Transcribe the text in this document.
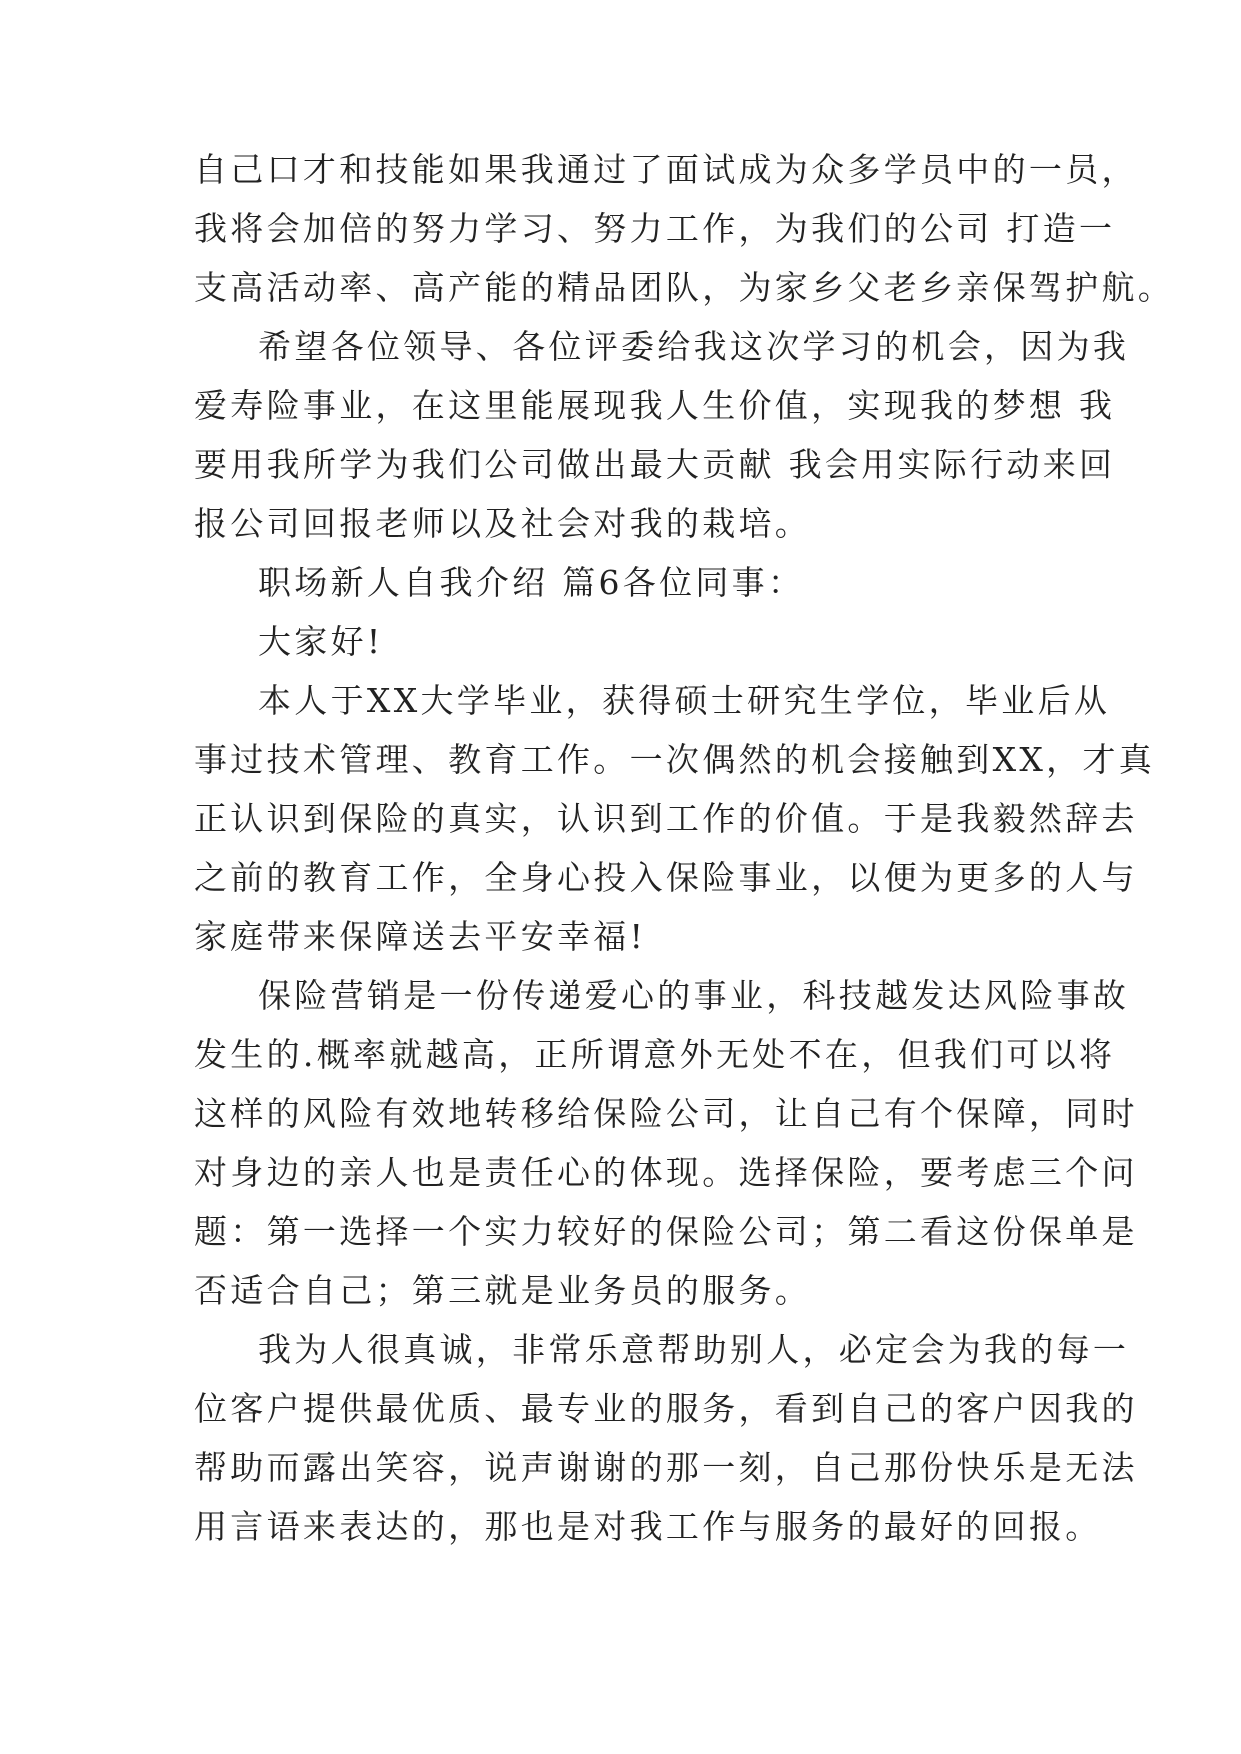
自己口才和技能如果我通过了面试成为众多学员中的一员，
我将会加倍的努力学习、努力工作，为我们的公司 打造一
支高活动率、高产能的精品团队，为家乡父老乡亲保驾护航。
希望各位领导、各位评委给我这次学习的机会，因为我
爱寿险事业，在这里能展现我人生价值，实现我的梦想 我
要用我所学为我们公司做出最大贡献 我会用实际行动来回
报公司回报老师以及社会对我的栽培。
职场新人自我介绍 篇6各位同事：
大家好!
本人于XX大学毕业，获得硕士研究生学位，毕业后从
事过技术管理、教育工作。一次偶然的机会接触到XX，才真
正认识到保险的真实，认识到工作的价值。于是我毅然辞去
之前的教育工作，全身心投入保险事业，以便为更多的人与
家庭带来保障送去平安幸福!
保险营销是一份传递爱心的事业，科技越发达风险事故
发生的.概率就越高，正所谓意外无处不在，但我们可以将
这样的风险有效地转移给保险公司，让自己有个保障，同时
对身边的亲人也是责任心的体现。选择保险，要考虑三个问
题：第一选择一个实力较好的保险公司；第二看这份保单是
否适合自己；第三就是业务员的服务。
我为人很真诚，非常乐意帮助别人，必定会为我的每一
位客户提供最优质、最专业的服务，看到自己的客户因我的
帮助而露出笑容，说声谢谢的那一刻，自己那份快乐是无法
用言语来表达的，那也是对我工作与服务的最好的回报。
